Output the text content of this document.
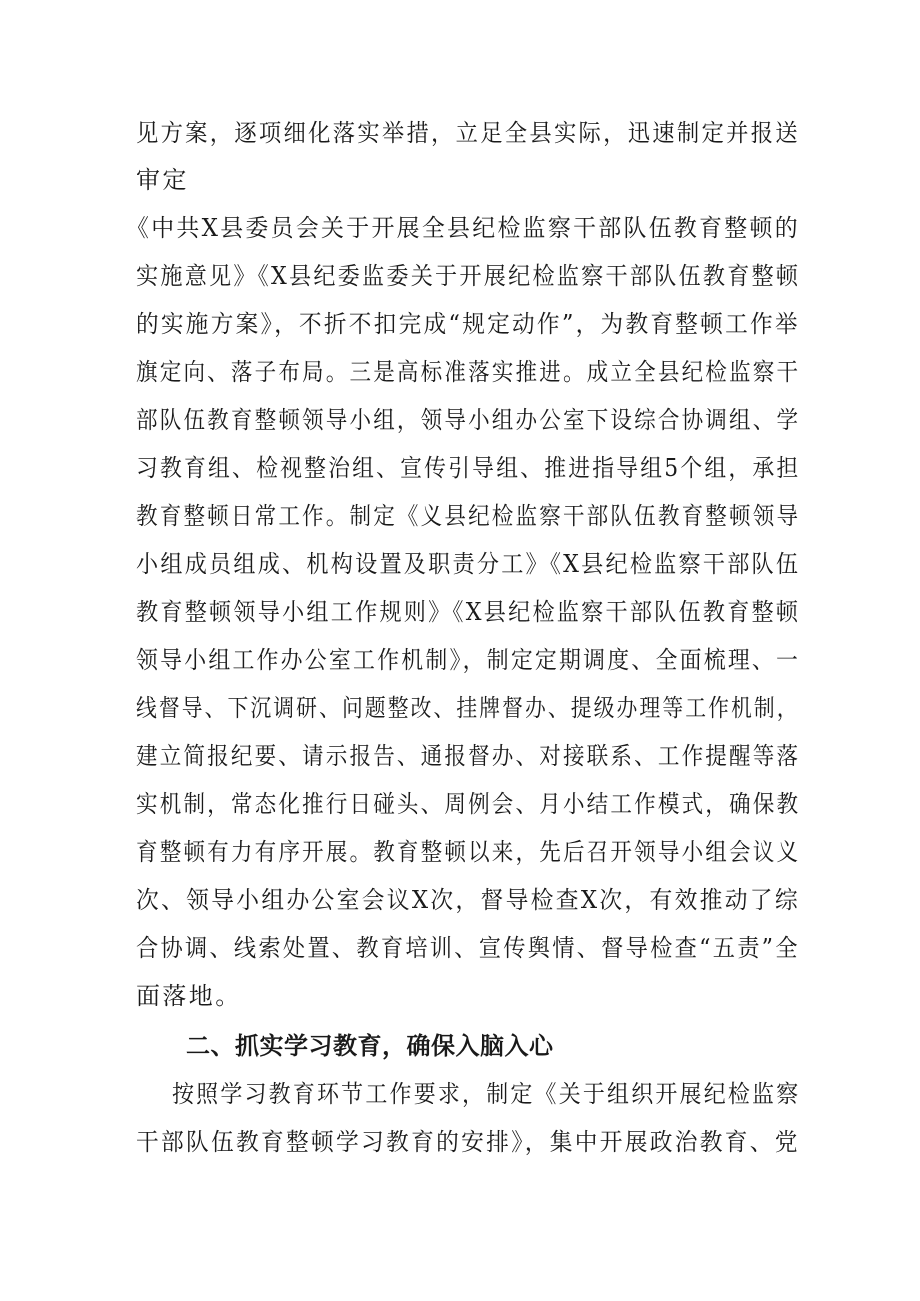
见方案，逐项细化落实举措，立足全县实际，迅速制定并报送
审定
《中共X县委员会关于开展全县纪检监察干部队伍教育整顿的
实施意见》《X县纪委监委关于开展纪检监察干部队伍教育整顿
的实施方案》，不折不扣完成“规定动作”，为教育整顿工作举
旗定向、落子布局。三是高标准落实推进。成立全县纪检监察干
部队伍教育整顿领导小组，领导小组办公室下设综合协调组、学
习教育组、检视整治组、宣传引导组、推进指导组5个组，承担
教育整顿日常工作。制定《义县纪检监察干部队伍教育整顿领导
小组成员组成、机构设置及职责分工》《X县纪检监察干部队伍
教育整顿领导小组工作规则》《X县纪检监察干部队伍教育整顿
领导小组工作办公室工作机制》，制定定期调度、全面梳理、一
线督导、下沉调研、问题整改、挂牌督办、提级办理等工作机制，
建立简报纪要、请示报告、通报督办、对接联系、工作提醒等落
实机制，常态化推行日碰头、周例会、月小结工作模式，确保教
育整顿有力有序开展。教育整顿以来，先后召开领导小组会议义
次、领导小组办公室会议X次，督导检查X次，有效推动了综
合协调、线索处置、教育培训、宣传舆情、督导检查“五责”全
面落地。
二、抓实学习教育，确保入脑入心
按照学习教育环节工作要求，制定《关于组织开展纪检监察
干部队伍教育整顿学习教育的安排》，集中开展政治教育、党
